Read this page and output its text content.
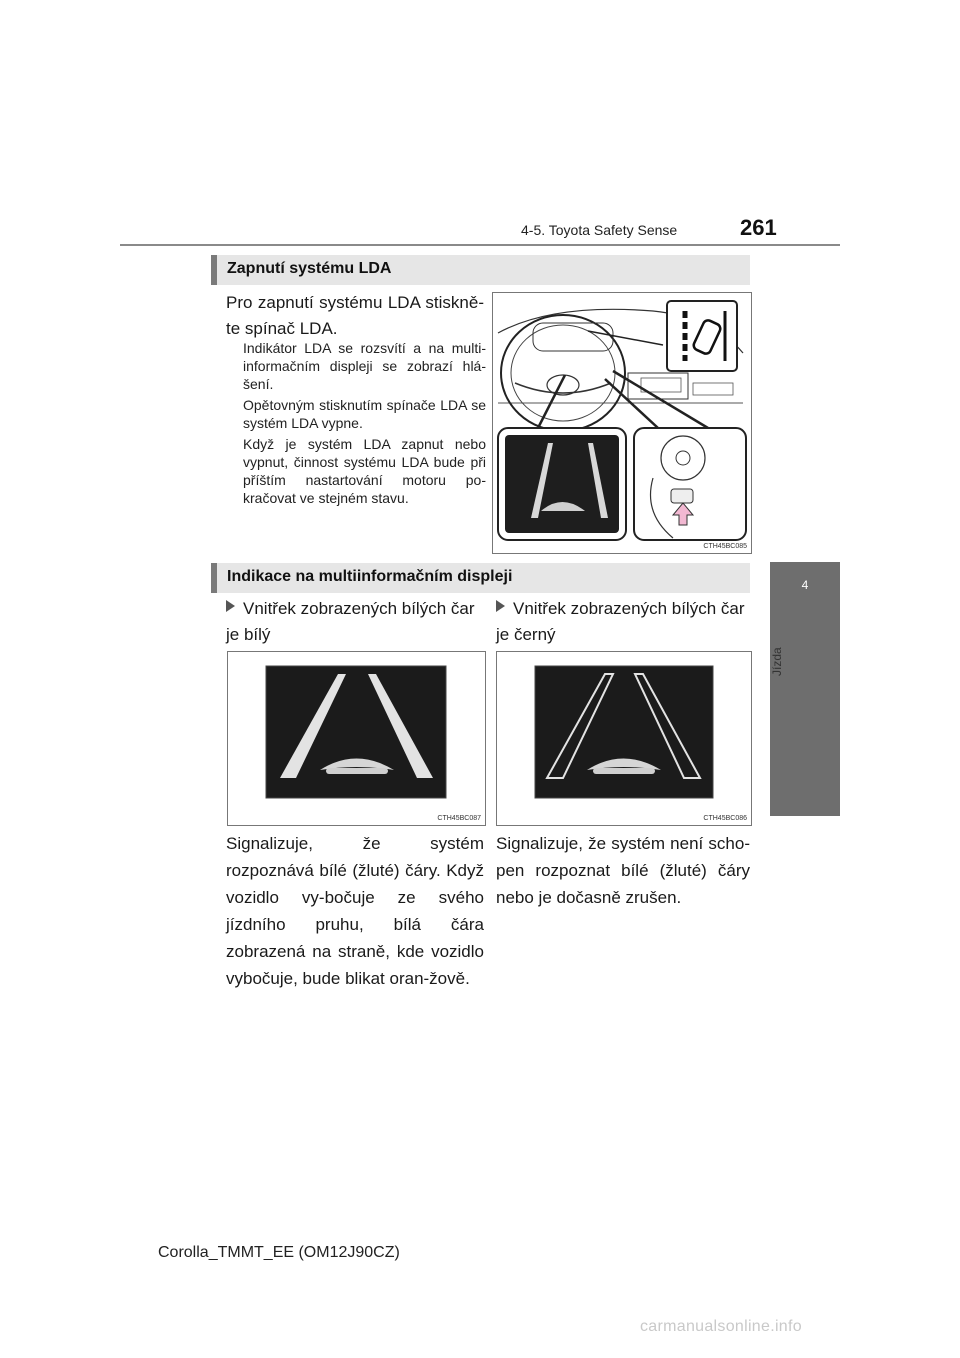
4-5. Toyota Safety Sense	261
4
Jízda
Zapnutí systému LDA
Pro zapnutí systému LDA stiskně-te spínač LDA.
Indikátor LDA se rozsvítí a na multi-informačním displeji se zobrazí hlá-šení.
Opětovným stisknutím spínače LDA se systém LDA vypne.
Když je systém LDA zapnut nebo vypnut, činnost systému LDA bude při příštím nastartování motoru po-kračovat ve stejném stavu.
CTH45BC085
Indikace na multiinformačním displeji
Vnitřek zobrazených bílých čar je bílý
Vnitřek zobrazených bílých čar je černý
CTH45BC087	CTH45BC086
Signalizuje, že systém rozpoznává bílé (žluté) čáry. Když vozidlo vy-bočuje ze svého jízdního pruhu, bílá čára zobrazená na straně, kde vozidlo vybočuje, bude blikat oran-žově.
Signalizuje, že systém není scho-pen rozpoznat bílé (žluté) čáry nebo je dočasně zrušen.
Corolla_TMMT_EE (OM12J90CZ)
carmanualsonline.info
